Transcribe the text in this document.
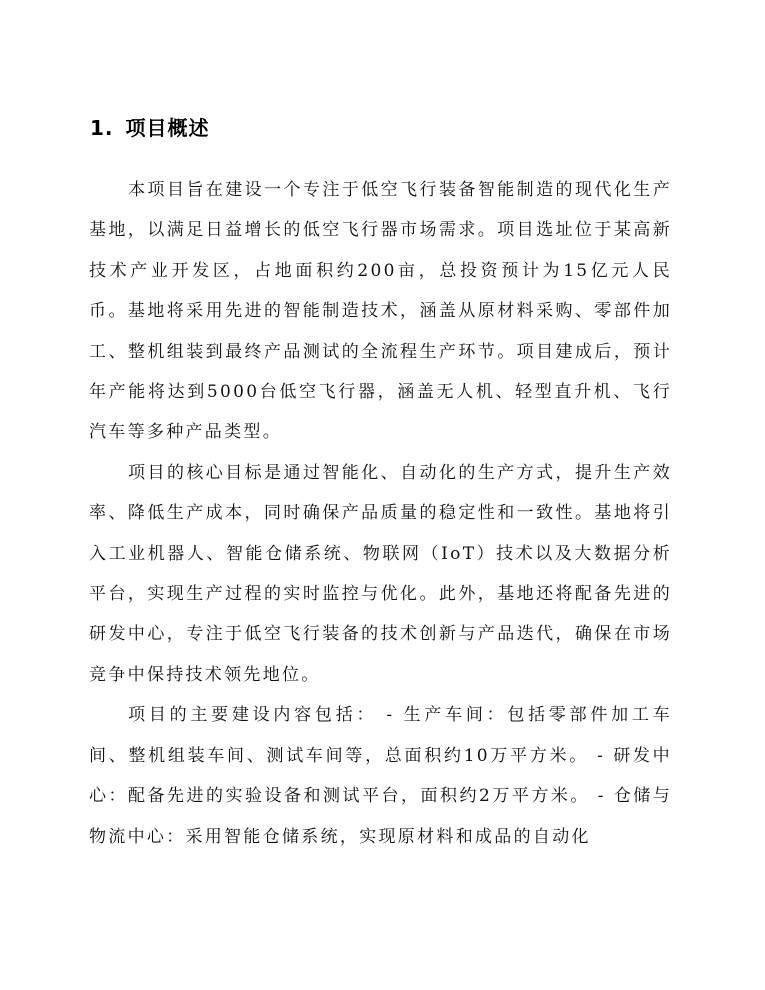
1. 项目概述

本项目旨在建设一个专注于低空飞行装备智能制造的现代化生产基地，以满足日益增长的低空飞行器市场需求。项目选址位于某高新技术产业开发区，占地面积约200亩，总投资预计为15亿元人民币。基地将采用先进的智能制造技术，涵盖从原材料采购、零部件加工、整机组装到最终产品测试的全流程生产环节。项目建成后，预计年产能将达到5000台低空飞行器，涵盖无人机、轻型直升机、飞行汽车等多种产品类型。

项目的核心目标是通过智能化、自动化的生产方式，提升生产效率、降低生产成本，同时确保产品质量的稳定性和一致性。基地将引入工业机器人、智能仓储系统、物联网（IoT）技术以及大数据分析平台，实现生产过程的实时监控与优化。此外，基地还将配备先进的研发中心，专注于低空飞行装备的技术创新与产品迭代，确保在市场竞争中保持技术领先地位。

项目的主要建设内容包括： - 生产车间：包括零部件加工车间、整机组装车间、测试车间等，总面积约10万平方米。 - 研发中心：配备先进的实验设备和测试平台，面积约2万平方米。 - 仓储与物流中心：采用智能仓储系统，实现原材料和成品的自动化
